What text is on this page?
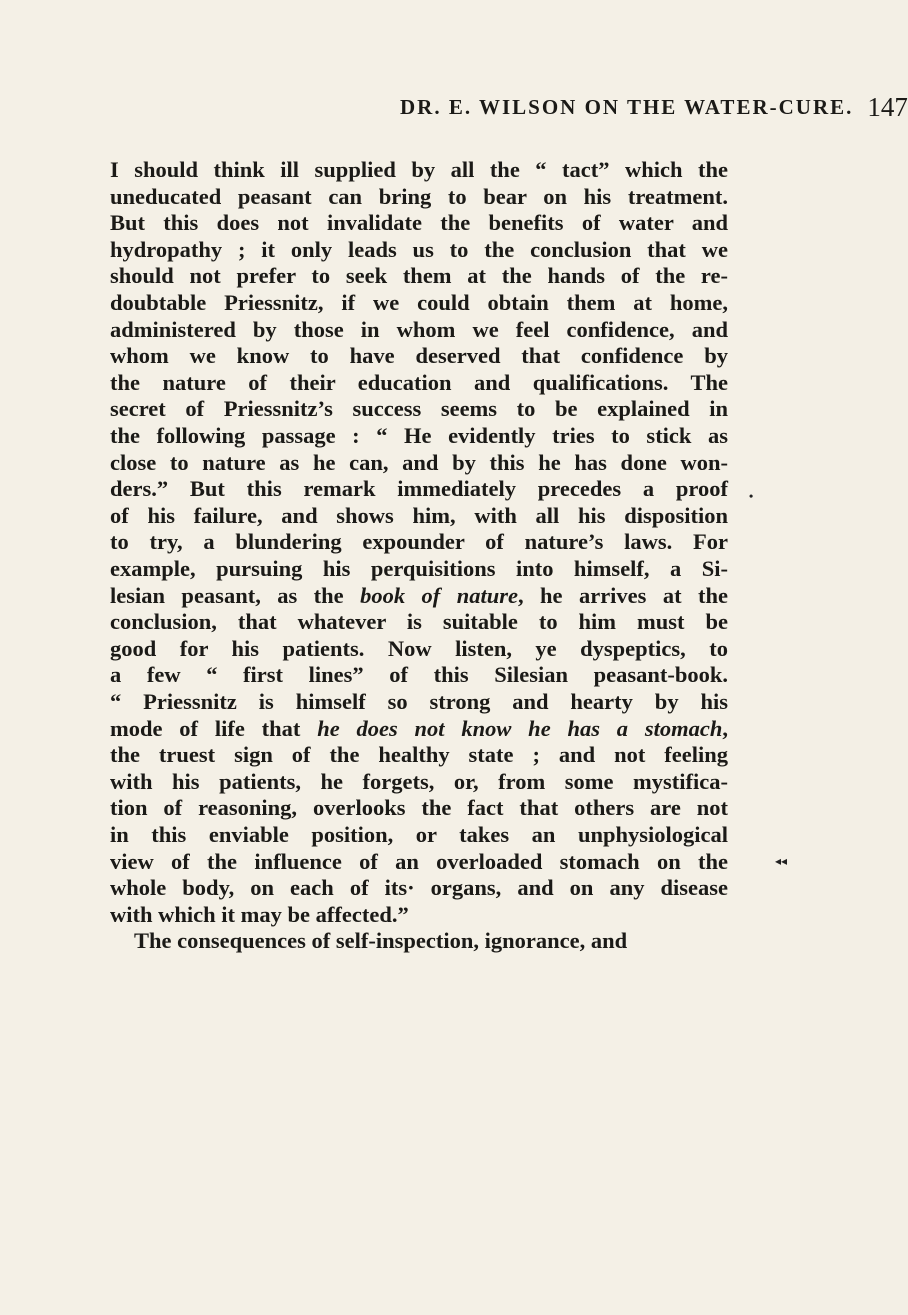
DR. E. WILSON ON THE WATER-CURE. 147
I should think ill supplied by all the “ tact” which the
uneducated peasant can bring to bear on his treatment.
But this does not invalidate the benefits of water and
hydropathy ; it only leads us to the conclusion that we
should not prefer to seek them at the hands of the re-
doubtable Priessnitz, if we could obtain them at home,
administered by those in whom we feel confidence, and
whom we know to have deserved that confidence by
the nature of their education and qualifications. The
secret of Priessnitz’s success seems to be explained in
the following passage : “ He evidently tries to stick as
close to nature as he can, and by this he has done won-
ders.” But this remark immediately precedes a proof
of his failure, and shows him, with all his disposition
to try, a blundering expounder of nature’s laws. For
example, pursuing his perquisitions into himself, a Si-
lesian peasant, as the book of nature, he arrives at the
conclusion, that whatever is suitable to him must be
good for his patients. Now listen, ye dyspeptics, to
a few “ first lines” of this Silesian peasant-book.
“ Priessnitz is himself so strong and hearty by his
mode of life that he does not know he has a stomach,
the truest sign of the healthy state ; and not feeling
with his patients, he forgets, or, from some mystifica-
tion of reasoning, overlooks the fact that others are not
in this enviable position, or takes an unphysiological
view of the influence of an overloaded stomach on the
whole body, on each of its· organs, and on any disease
with which it may be affected.”
The consequences of self-inspection, ignorance, and
•
◂◂
